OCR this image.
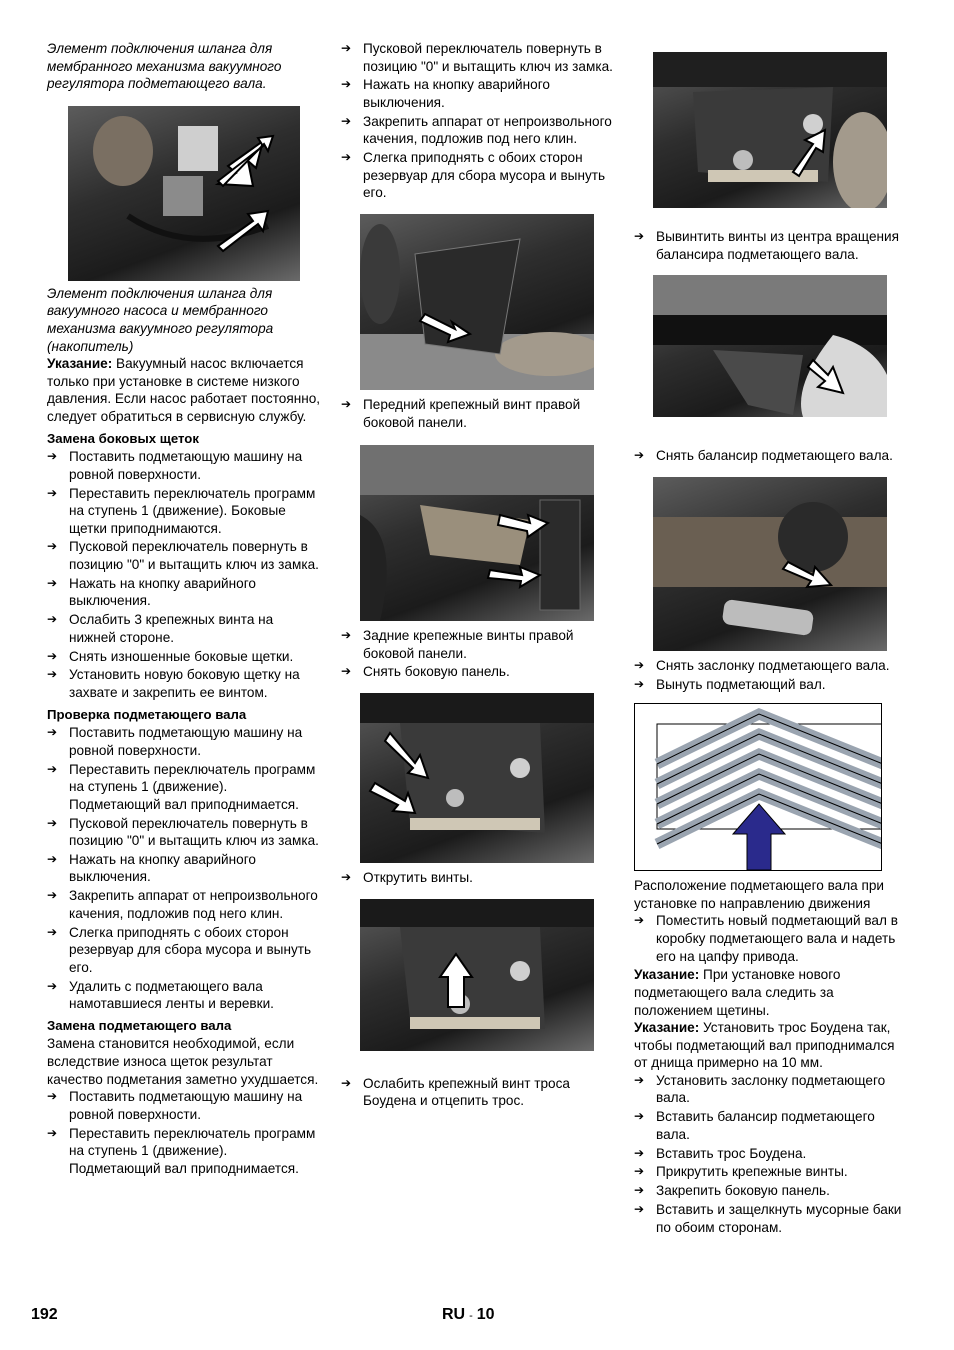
Элемент подключения шланга для мембранного механизма вакуумного регулятора подметающего вала.

Элемент подключения шланга для вакуумного насоса и мембранного механизма вакуумного регулятора (накопитель)

Указание: Вакуумный насос включается только при установке в системе низкого давления. Если насос работает постоянно, следует обратиться в сервисную службу.

Замена боковых щеток
➔ Поставить подметающую машину на ровной поверхности.
➔ Переставить переключатель программ на ступень 1 (движение). Боковые щетки приподнимаются.
➔ Пусковой переключатель повернуть в позицию "0" и вытащить ключ из замка.
➔ Нажать на кнопку аварийного выключения.
➔ Ослабить 3 крепежных винта на нижней стороне.
➔ Снять изношенные боковые щетки.
➔ Установить новую боковую щетку на захвате и закрепить ее винтом.
Проверка подметающего вала
➔ Поставить подметающую машину на ровной поверхности.
➔ Переставить переключатель программ на ступень 1 (движение). Подметающий вал приподнимается.
➔ Пусковой переключатель повернуть в позицию "0" и вытащить ключ из замка.
➔ Нажать на кнопку аварийного выключения.
➔ Закрепить аппарат от непроизвольного качения, подложив под него клин.
➔ Слегка приподнять с обоих сторон резервуар для сбора мусора и вынуть его.
➔ Удалить с подметающего вала намотавшиеся ленты и веревки.
Замена подметающего вала

Замена становится необходимой, если вследствие износа щеток результат качество подметания заметно ухудшается.

➔ Поставить подметающую машину на ровной поверхности.
➔ Переставить переключатель программ на ступень 1 (движение). Подметающий вал приподнимается.
➔ Пусковой переключатель повернуть в позицию "0" и вытащить ключ из замка.
➔ Нажать на кнопку аварийного выключения.
➔ Закрепить аппарат от непроизвольного качения, подложив под него клин.
➔ Слегка приподнять с обоих сторон резервуар для сбора мусора и вынуть его.
➔ Передний крепежный винт правой боковой панели.
➔ Задние крепежные винты правой боковой панели.
➔ Снять боковую панель.
➔ Открутить винты.
➔ Ослабить крепежный винт троса Боудена и отцепить трос.
➔ Вывинтить винты из центра вращения балансира подметающего вала.
➔ Снять балансир подметающего вала.
➔ Снять заслонку подметающего вала.
➔ Вынуть подметающий вал.

Расположение подметающего вала при установке по направлению движения

➔ Поместить новый подметающий вал в коробку подметающего вала и надеть его на цапфу привода.

Указание: При установке нового подметающего вала следить за положением щетины.

Указание: Установить трос Боудена так, чтобы подметающий вал приподнимался от днища примерно на 10 мм.

➔ Установить заслонку подметающего вала.
➔ Вставить балансир подметающего вала.
➔ Вставить трос Боудена.
➔ Прикрутить крепежные винты.
➔ Закрепить боковую панель.
➔ Вставить и защелкнуть мусорные баки по обоим сторонам.
192	RU - 10
